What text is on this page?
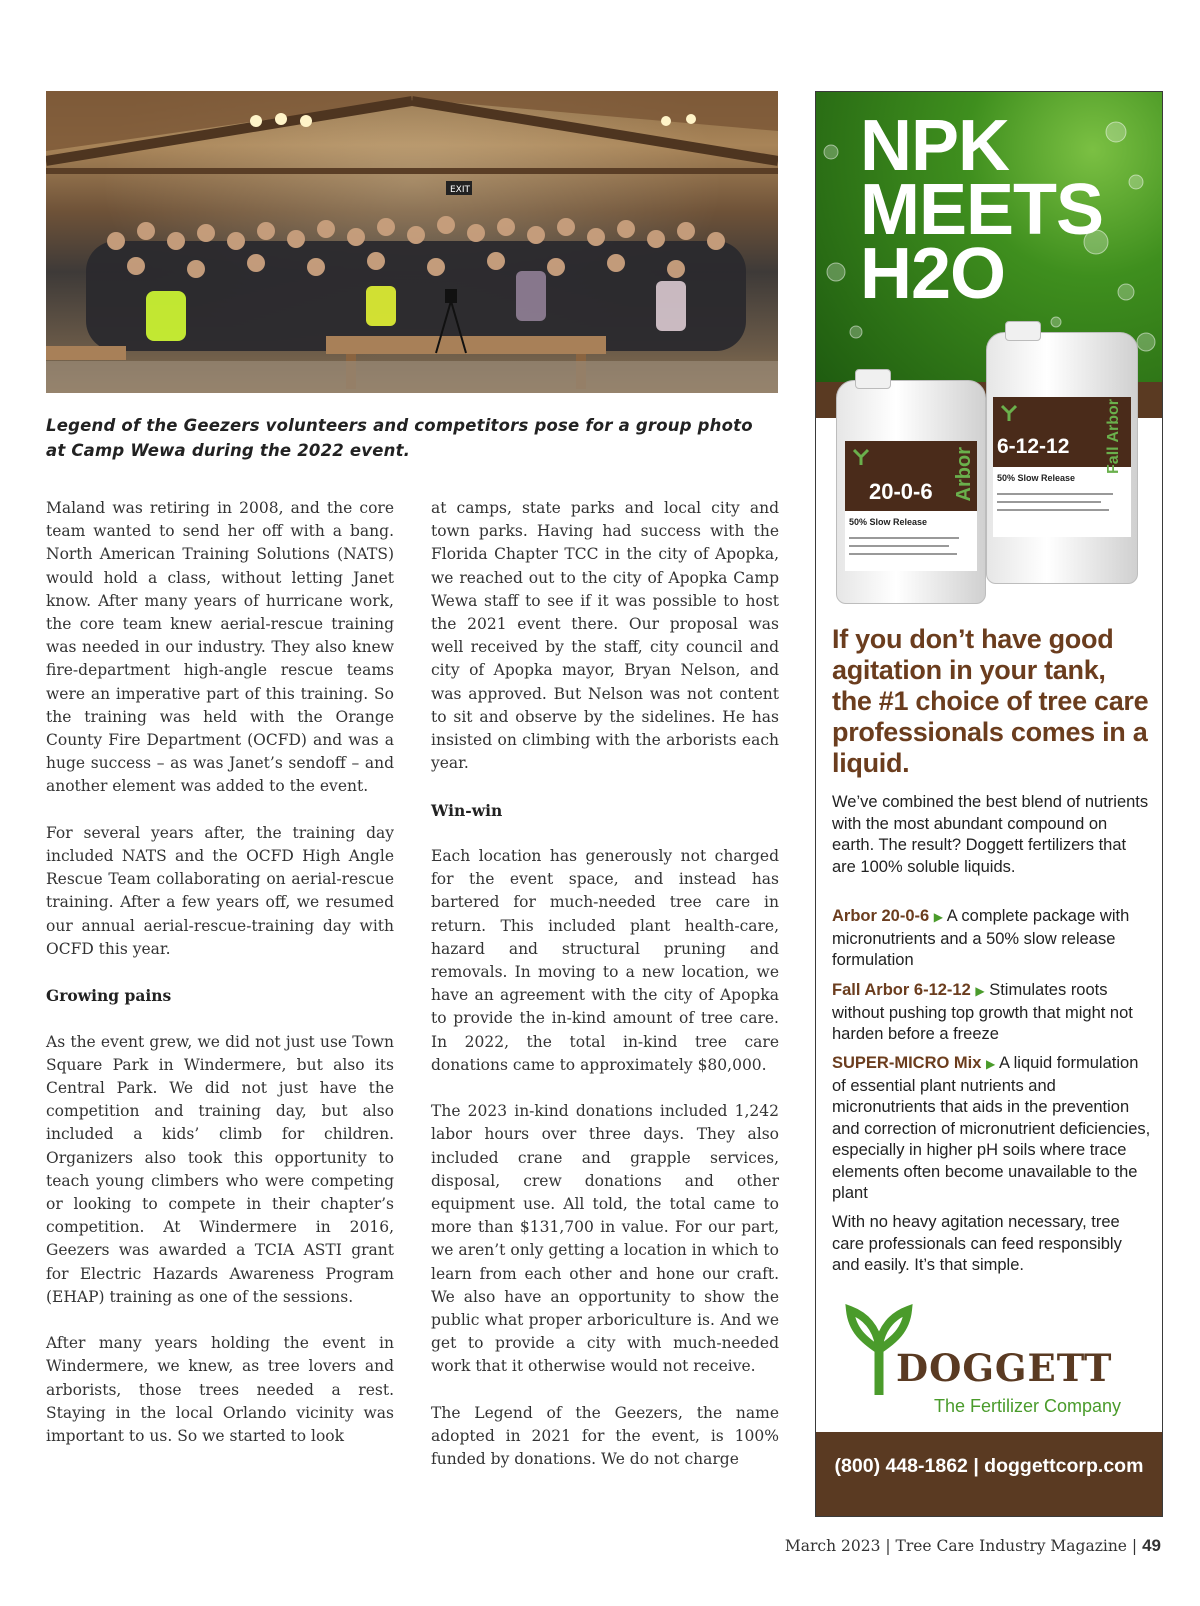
EXIT
Legend of the Geezers volunteers and competitors pose for a group photo at Camp Wewa during the 2022 event.

Maland was retiring in 2008, and the core team wanted to send her off with a bang. North American Training Solutions (NATS) would hold a class, without letting Janet know. After many years of hurricane work, the core team knew aerial-rescue training was needed in our industry. They also knew fire-department high-angle rescue teams were an imperative part of this training. So the training was held with the Orange County Fire Department (OCFD) and was a huge success – as was Janet’s sendoff – and another element was added to the event.

For several years after, the training day included NATS and the OCFD High Angle Rescue Team collaborating on aerial-rescue training. After a few years off, we resumed our annual aerial-rescue-training day with OCFD this year.

Growing pains

As the event grew, we did not just use Town Square Park in Windermere, but also its Central Park. We did not just have the competition and training day, but also included a kids’ climb for children. Organizers also took this opportunity to teach young climbers who were competing or looking to compete in their chapter’s competition. At Windermere in 2016, Geezers was awarded a TCIA ASTI grant for Electric Hazards Awareness Program (EHAP) training as one of the sessions.

After many years holding the event in Windermere, we knew, as tree lovers and arborists, those trees needed a rest. Staying in the local Orlando vicinity was important to us. So we started to look

at camps, state parks and local city and town parks. Having had success with the Florida Chapter TCC in the city of Apopka, we reached out to the city of Apopka Camp Wewa staff to see if it was possible to host the 2021 event there. Our proposal was well received by the staff, city council and city of Apopka mayor, Bryan Nelson, and was approved. But Nelson was not content to sit and observe by the sidelines. He has insisted on climbing with the arborists each year.

Win-win

Each location has generously not charged for the event space, and instead has bartered for much-needed tree care in return. This included plant health-care, hazard and structural pruning and removals. In moving to a new location, we have an agreement with the city of Apopka to provide the in-kind amount of tree care. In 2022, the total in-kind tree care donations came to approximately $80,000.

The 2023 in-kind donations included 1,242 labor hours over three days. They also included crane and grapple services, disposal, crew donations and other equipment use. All told, the total came to more than $131,700 in value. For our part, we aren’t only getting a location in which to learn from each other and hone our craft. We also have an opportunity to show the public what proper arboriculture is. And we get to provide a city with much-needed work that it otherwise would not receive.

The Legend of the Geezers, the name adopted in 2021 for the event, is 100% funded by donations. We do not charge

NPK
MEETS
H2O
20-0-6 Arbor
50% Slow Release
6-12-12 Fall Arbor
50% Slow Release
If you don’t have good agitation in your tank, the #1 choice of tree care professionals comes in a liquid.
We’ve combined the best blend of nutrients with the most abundant compound on earth. The result? Doggett fertilizers that are 100% soluble liquids.
Arbor 20-0-6 ▶ A complete package with micronutrients and a 50% slow release formulation
Fall Arbor 6-12-12 ▶ Stimulates roots without pushing top growth that might not harden before a freeze
SUPER-MICRO Mix ▶ A liquid formulation of essential plant nutrients and micronutrients that aids in the prevention and correction of micronutrient deficiencies, especially in higher pH soils where trace elements often become unavailable to the plant
With no heavy agitation necessary, tree care professionals can feed responsibly and easily. It’s that simple.
DOGGETT
The Fertilizer Company
(800) 448-1862 | doggettcorp.com
March 2023 | Tree Care Industry Magazine | 49
